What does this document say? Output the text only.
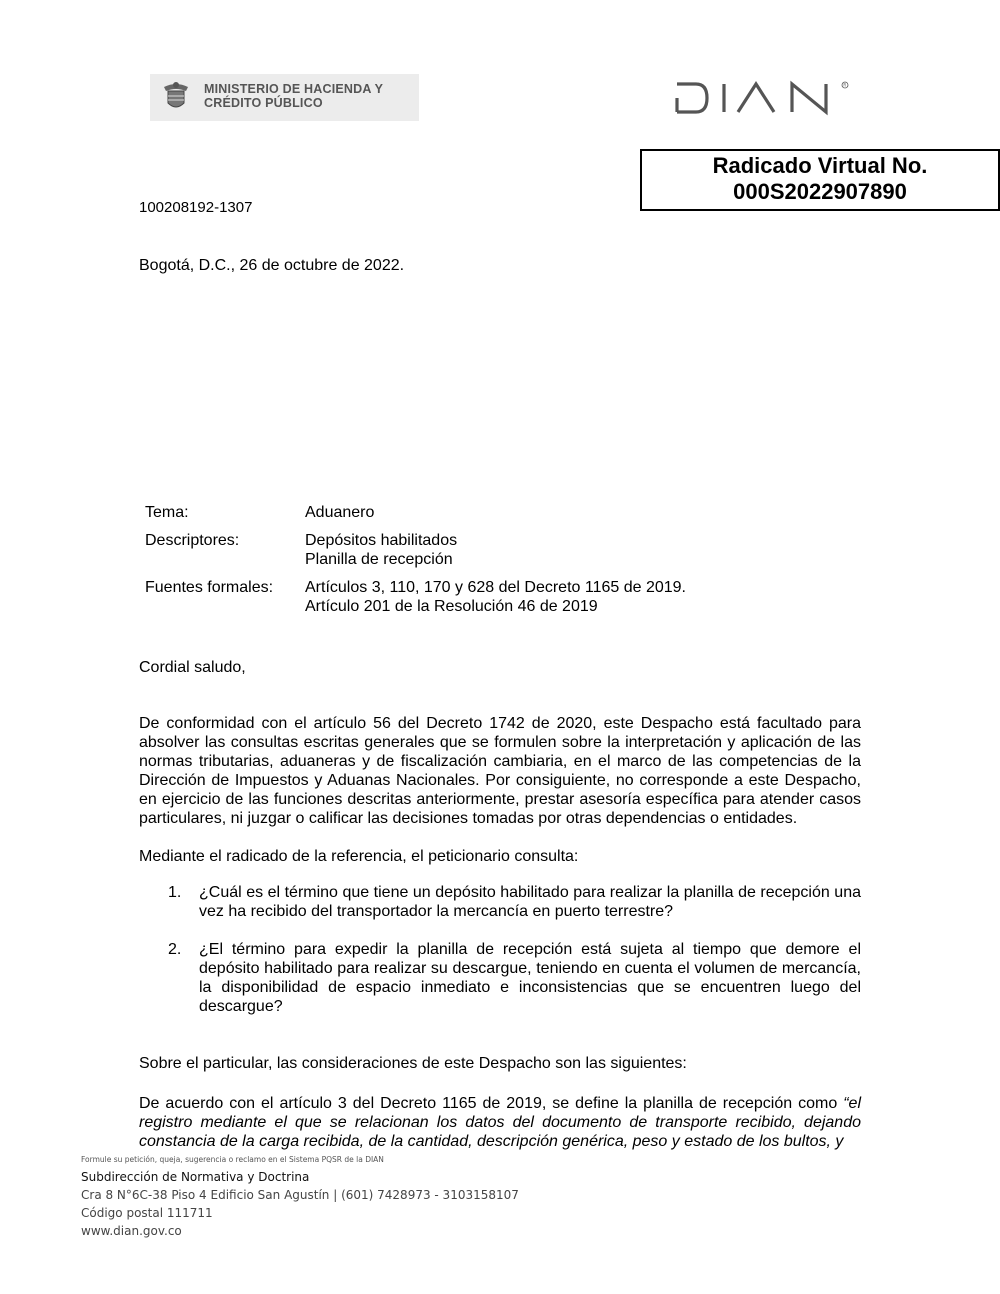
MINISTERIO DE HACIENDA Y
CRÉDITO PÚBLICO
R
Radicado Virtual No.
000S2022907890
100208192-1307
Bogotá, D.C., 26 de octubre de 2022.
Tema:	Aduanero
Descriptores:	Depósitos habilitados
Planilla de recepción
Fuentes formales: Artículos 3, 110, 170 y 628 del Decreto 1165 de 2019.
Artículo 201 de la Resolución 46 de 2019
Cordial saludo,

De conformidad con el artículo 56 del Decreto 1742 de 2020, este Despacho está facultado para absolver las consultas escritas generales que se formulen sobre la interpretación y aplicación de las normas tributarias, aduaneras y de fiscalización cambiaria, en el marco de las competencias de la Dirección de Impuestos y Aduanas Nacionales. Por consiguiente, no corresponde a este Despacho, en ejercicio de las funciones descritas anteriormente, prestar asesoría específica para atender casos particulares, ni juzgar o calificar las decisiones tomadas por otras dependencias o entidades.

Mediante el radicado de la referencia, el peticionario consulta:
1. ¿Cuál es el término que tiene un depósito habilitado para realizar la planilla de recepción una vez ha recibido del transportador la mercancía en puerto terrestre?
2. ¿El término para expedir la planilla de recepción está sujeta al tiempo que demore el depósito habilitado para realizar su descargue, teniendo en cuenta el volumen de mercancía, la disponibilidad de espacio inmediato e inconsistencias que se encuentren luego del descargue?
Sobre el particular, las consideraciones de este Despacho son las siguientes:
De acuerdo con el artículo 3 del Decreto 1165 de 2019, se define la planilla de recepción como “el registro mediante el que se relacionan los datos del documento de transporte recibido, dejando constancia de la carga recibida, de la cantidad, descripción genérica, peso y estado de los bultos, y
Formule su petición, queja, sugerencia o reclamo en el Sistema PQSR de la DIAN
Subdirección de Normativa y Doctrina
Cra 8 N°6C-38 Piso 4 Edificio San Agustín | (601) 7428973 - 3103158107
Código postal 111711
www.dian.gov.co
